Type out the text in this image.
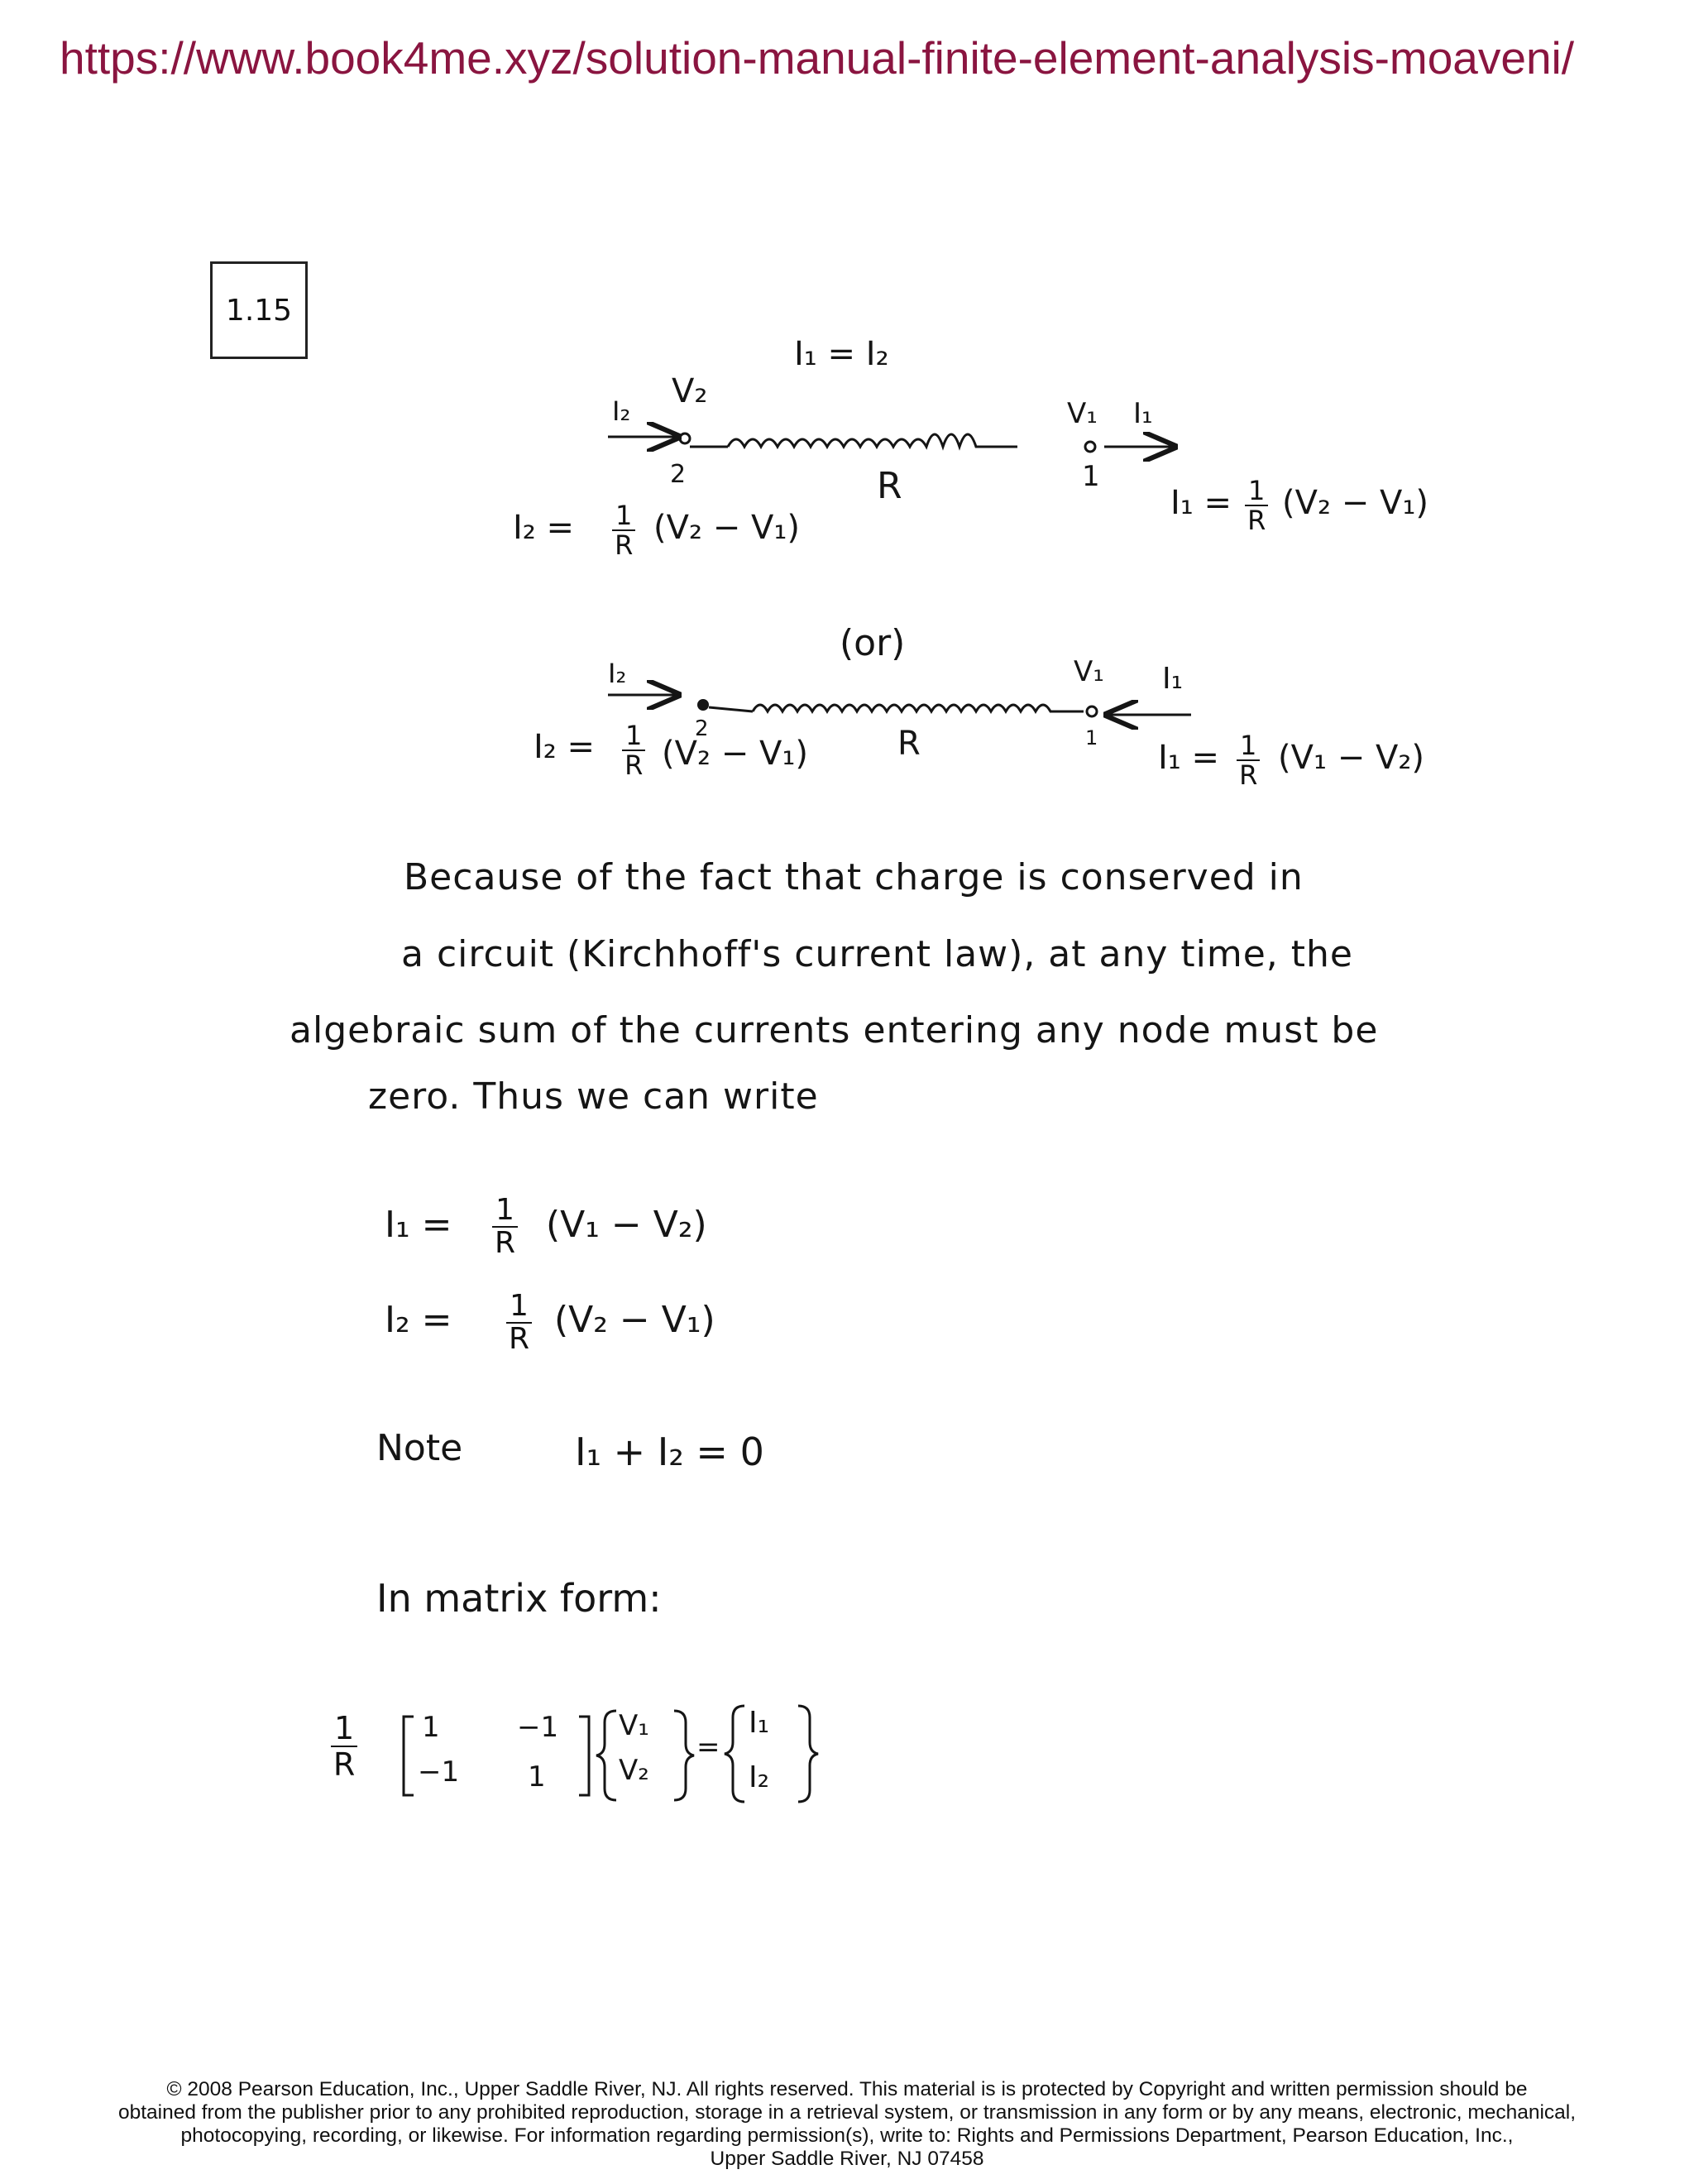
https://www.book4me.xyz/solution-manual-finite-element-analysis-moaveni/
1.15
I₁ = I₂
I₂
V₂
2	R
V₁ I₁
1
$I_2 = \frac{1}{R} (V_2 - V_1)$
$I_1 = \frac{1}{R} (V_2 - V_1)$
(or)
I₂
2	R
V₁ I₁
1
$I_2 = \frac{1}{R} (V_2 - V_1)$	$I_1 = \frac{1}{R} (V_1 - V_2)$
Because of the fact that charge is conserved in
a circuit (Kirchhoff's current law), at any time, the
algebraic sum of the currents entering any node must be
zero. Thus we can write
$I_1 = \frac{1}{R} (V_1 - V_2)$
$I_2 = \frac{1}{R} (V_2 - V_1)$
Note	I₁ + I₂ = 0
In matrix form:
$\frac{1}{R} 1$	−1
−1 1
V₁
V₂
=
I₁
I₂
© 2008 Pearson Education, Inc., Upper Saddle River, NJ. All rights reserved. This material is is protected by Copyright and written permission should be
obtained from the publisher prior to any prohibited reproduction, storage in a retrieval system, or transmission in any form or by any means, electronic, mechanical,
photocopying, recording, or likewise. For information regarding permission(s), write to: Rights and Permissions Department, Pearson Education, Inc.,
Upper Saddle River, NJ 07458
